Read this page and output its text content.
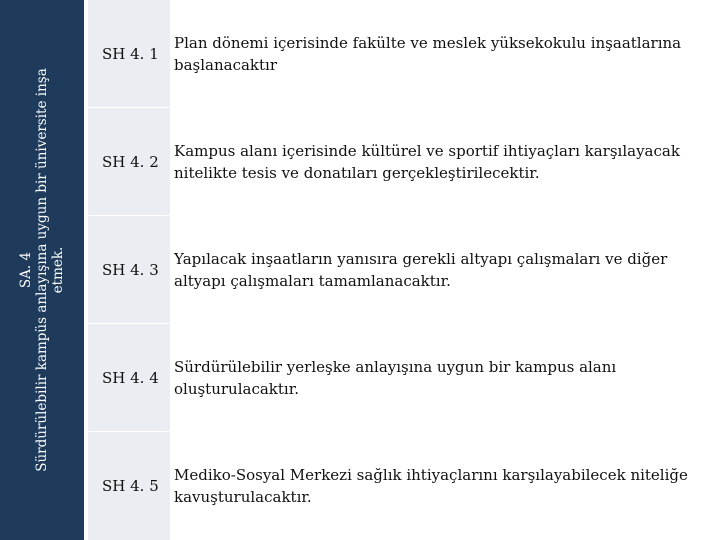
SA. 4 Sürdürülebilir kampüs anlayışına uygun bir üniversite inşa etmek.
SH 4. 1
Plan dönemi içerisinde fakülte ve meslek yüksekokulu inşaatlarına başlanacaktır
SH 4. 2
Kampus alanı içerisinde kültürel ve sportif ihtiyaçları karşılayacak nitelikte tesis ve donatıları gerçekleştirilecektir.
SH 4. 3
Yapılacak inşaatların yanısıra gerekli altyapı çalışmaları ve diğer altyapı çalışmaları tamamlanacaktır.
SH 4. 4
Sürdürülebilir yerleşke anlayışına uygun bir kampus alanı oluşturulacaktır.
SH 4. 5
Mediko-Sosyal Merkezi sağlık ihtiyaçlarını karşılayabilecek niteliğe kavuşturulacaktır.
